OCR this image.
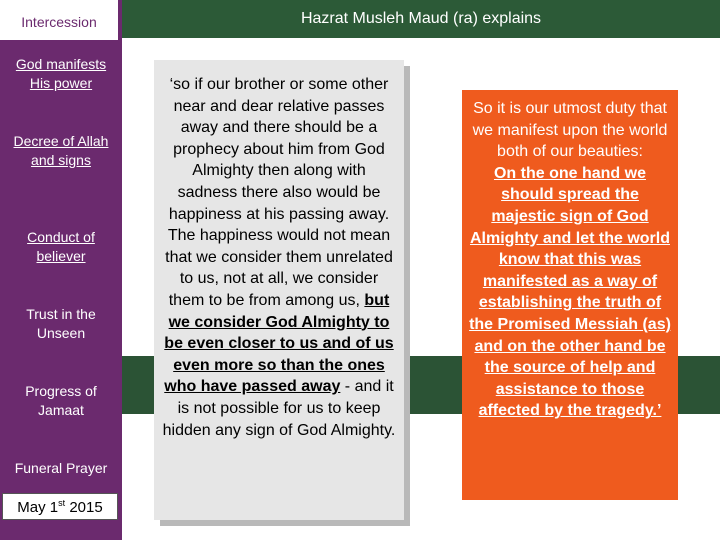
Intercession
God manifests His power
Decree of Allah and signs
Conduct of believer
Trust in the Unseen
Progress of Jamaat
Funeral Prayer
May 1st 2015
Hazrat Musleh Maud (ra) explains
‘so if our brother or some other near and dear relative passes away and there should be a prophecy about him from God Almighty then along with sadness there also would be happiness at his passing away. The happiness would not mean that we consider them unrelated to us, not at all, we consider them to be from among us, but we consider God Almighty to be even closer to us and of us even more so than the ones who have passed away - and it is not possible for us to keep hidden any sign of God Almighty.
So it is our utmost duty that we manifest upon the world both of our beauties:
On the one hand we should spread the majestic sign of God Almighty and let the world know that this was manifested as a way of establishing the truth of the Promised Messiah (as) and on the other hand be the source of help and assistance to those affected by the tragedy.’
